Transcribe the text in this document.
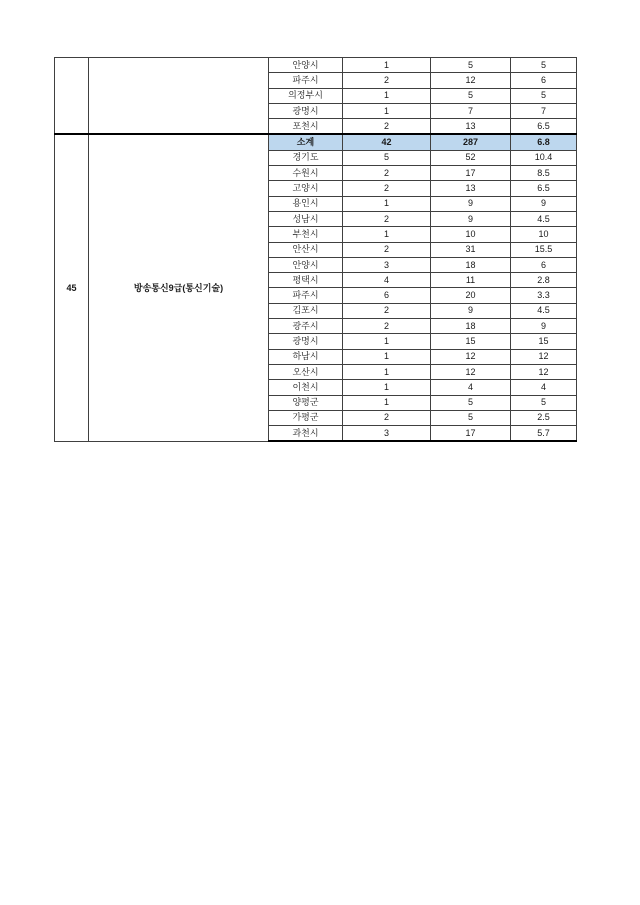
		안양시	1	5	5
		파주시	2	12	6
		의정부시	1	5	5
		광명시	1	7	7
		포천시	2	13	6.5
45	방송통신9급(통신기술)	소계	42	287	6.8
		경기도	5	52	10.4
		수원시	2	17	8.5
		고양시	2	13	6.5
		용인시	1	9	9
		성남시	2	9	4.5
		부천시	1	10	10
		안산시	2	31	15.5
		안양시	3	18	6
		평택시	4	11	2.8
		파주시	6	20	3.3
		김포시	2	9	4.5
		광주시	2	18	9
		광명시	1	15	15
		하남시	1	12	12
		오산시	1	12	12
		이천시	1	4	4
		양평군	1	5	5
		가평군	2	5	2.5
		과천시	3	17	5.7
